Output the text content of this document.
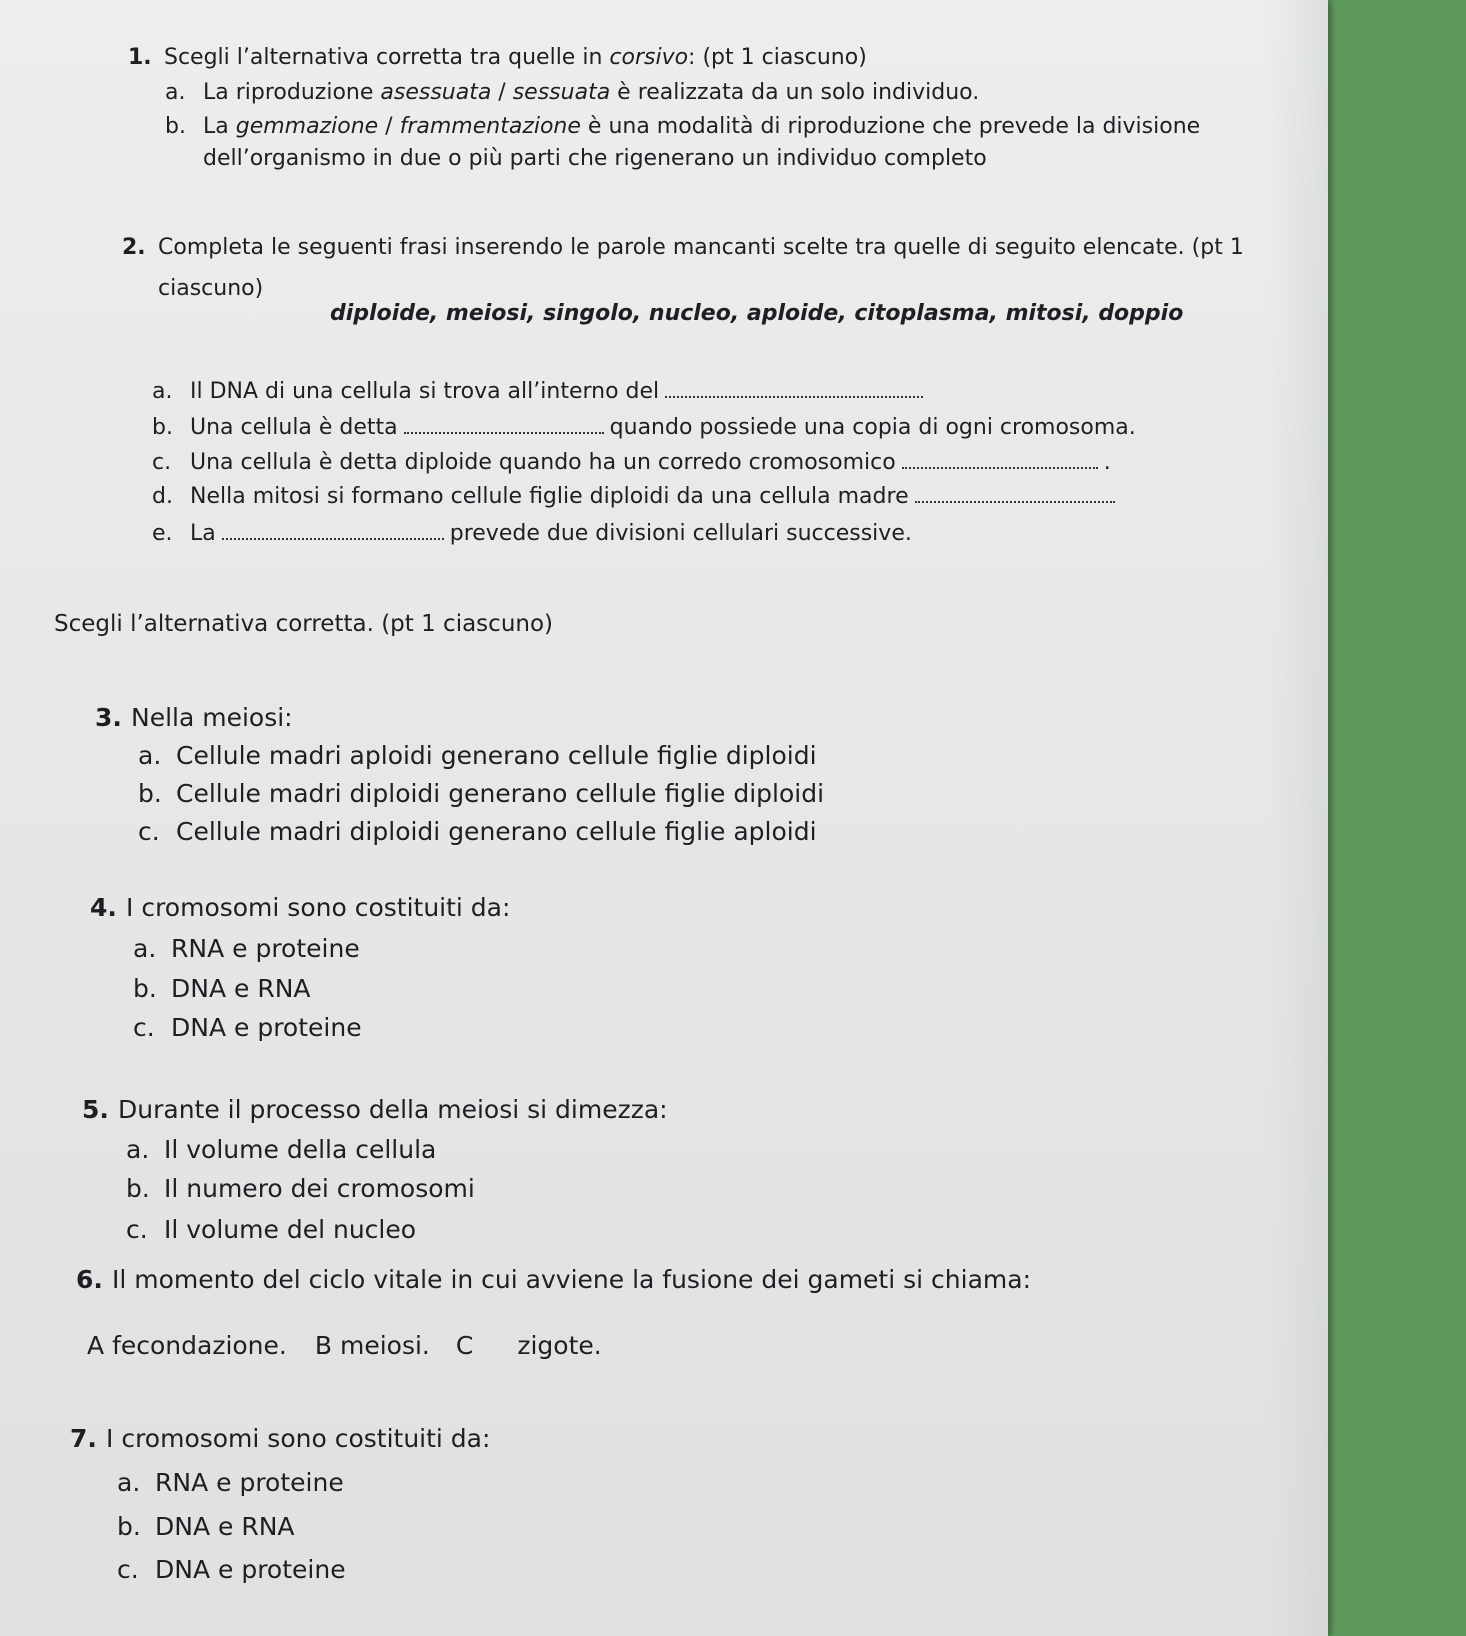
1. Scegli l’alternativa corretta tra quelle in corsivo: (pt 1 ciascuno)
a. La riproduzione asessuata / sessuata è realizzata da un solo individuo.
b. La gemmazione / frammentazione è una modalità di riproduzione che prevede la divisione
dell’organismo in due o più parti che rigenerano un individuo completo
2. Completa le seguenti frasi inserendo le parole mancanti scelte tra quelle di seguito elencate. (pt 1
ciascuno)
diploide, meiosi, singolo, nucleo, aploide, citoplasma, mitosi, doppio
a. Il DNA di una cellula si trova all’interno del
b. Una cellula è detta	quando possiede una copia di ogni cromosoma.
c. Una cellula è detta diploide quando ha un corredo cromosomico	.
d. Nella mitosi si formano cellule figlie diploidi da una cellula madre
e. La	prevede due divisioni cellulari successive.
Scegli l’alternativa corretta. (pt 1 ciascuno)
3. Nella meiosi:
a. Cellule madri aploidi generano cellule figlie diploidi
b. Cellule madri diploidi generano cellule figlie diploidi
c. Cellule madri diploidi generano cellule figlie aploidi
4. I cromosomi sono costituiti da:
a. RNA e proteine
b. DNA e RNA
c. DNA e proteine
5. Durante il processo della meiosi si dimezza:
a. Il volume della cellula
b. Il numero dei cromosomi
c. Il volume del nucleo
6. Il momento del ciclo vitale in cui avviene la fusione dei gameti si chiama:
A fecondazione. B meiosi. C zigote.
7. I cromosomi sono costituiti da:
a. RNA e proteine
b. DNA e RNA
c. DNA e proteine
